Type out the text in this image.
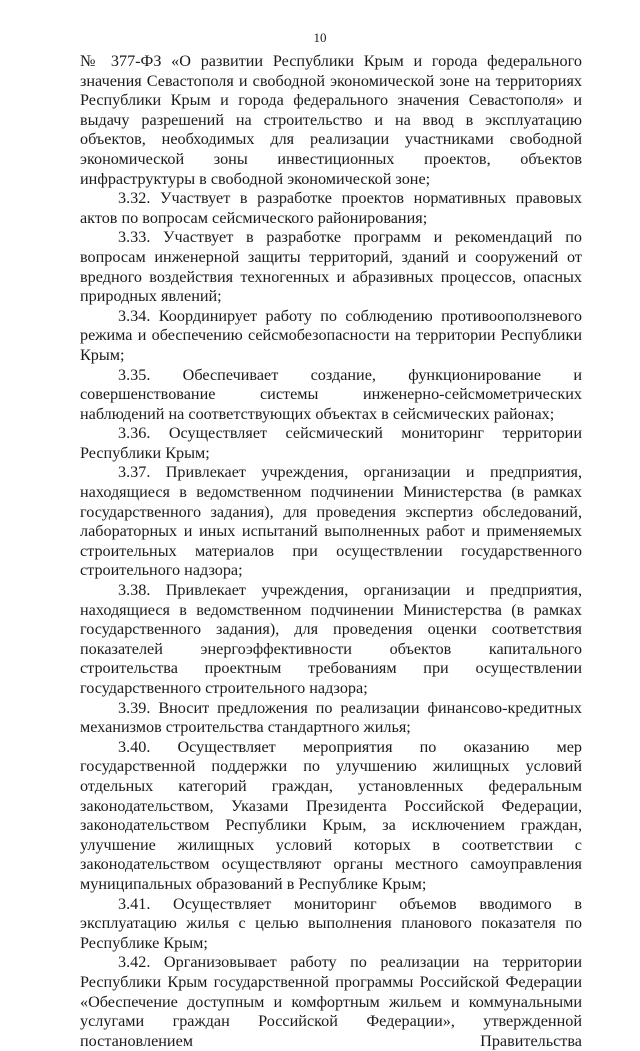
10

№ 377-ФЗ «О развитии Республики Крым и города федерального значения Севастополя и свободной экономической зоне на территориях Республики Крым и города федерального значения Севастополя» и выдачу разрешений на строительство и на ввод в эксплуатацию объектов, необходимых для реализации участниками свободной экономической зоны инвестиционных проектов, объектов инфраструктуры в свободной экономической зоне;

3.32. Участвует в разработке проектов нормативных правовых актов по вопросам сейсмического районирования;

3.33. Участвует в разработке программ и рекомендаций по вопросам инженерной защиты территорий, зданий и сооружений от вредного воздействия техногенных и абразивных процессов, опасных природных явлений;

3.34. Координирует работу по соблюдению противооползневого режима и обеспечению сейсмобезопасности на территории Республики Крым;

3.35. Обеспечивает создание, функционирование и совершенствование системы инженерно-сейсмометрических наблюдений на соответствующих объектах в сейсмических районах;

3.36. Осуществляет сейсмический мониторинг территории Республики Крым;

3.37. Привлекает учреждения, организации и предприятия, находящиеся в ведомственном подчинении Министерства (в рамках государственного задания), для проведения экспертиз обследований, лабораторных и иных испытаний выполненных работ и применяемых строительных материалов при осуществлении государственного строительного надзора;

3.38. Привлекает учреждения, организации и предприятия, находящиеся в ведомственном подчинении Министерства (в рамках государственного задания), для проведения оценки соответствия показателей энергоэффективности объектов капитального строительства проектным требованиям при осуществлении государственного строительного надзора;

3.39. Вносит предложения по реализации финансово-кредитных механизмов строительства стандартного жилья;

3.40. Осуществляет мероприятия по оказанию мер государственной поддержки по улучшению жилищных условий отдельных категорий граждан, установленных федеральным законодательством, Указами Президента Российской Федерации, законодательством Республики Крым, за исключением граждан, улучшение жилищных условий которых в соответствии с законодательством осуществляют органы местного самоуправления муниципальных образований в Республике Крым;

3.41. Осуществляет мониторинг объемов вводимого в эксплуатацию жилья с целью выполнения планового показателя по Республике Крым;

3.42. Организовывает работу по реализации на территории Республики Крым государственной программы Российской Федерации «Обеспечение доступным и комфортным жильем и коммунальными услугами граждан Российской Федерации», утвержденной постановлением Правительства
